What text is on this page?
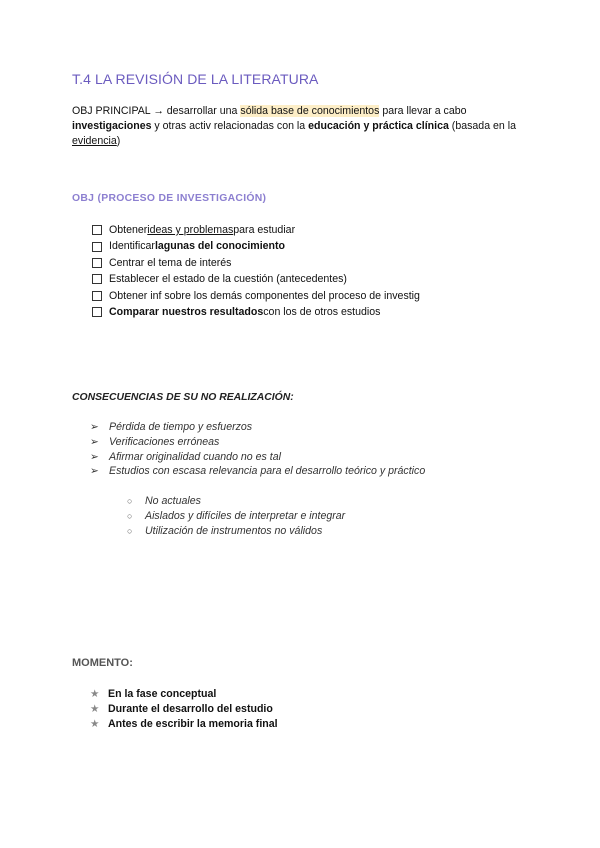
T.4 LA REVISIÓN DE LA LITERATURA
OBJ PRINCIPAL → desarrollar una sólida base de conocimientos para llevar a cabo investigaciones y otras activ relacionadas con la educación y práctica clínica (basada en la evidencia)
OBJ (PROCESO DE INVESTIGACIÓN)
Obtener ideas y problemas para estudiar
Identificar lagunas del conocimiento
Centrar el tema de interés
Establecer el estado de la cuestión (antecedentes)
Obtener inf sobre los demás componentes del proceso de investig
Comparar nuestros resultados con los de otros estudios
CONSECUENCIAS DE SU NO REALIZACIÓN:
➢ Pérdida de tiempo y esfuerzos
➢ Verificaciones erróneas
➢ Afirmar originalidad cuando no es tal
➢ Estudios con escasa relevancia para el desarrollo teórico y práctico
○	No actuales
○	Aislados y difíciles de interpretar e integrar
○	Utilización de instrumentos no válidos
MOMENTO:
★ En la fase conceptual
★ Durante el desarrollo del estudio
★ Antes de escribir la memoria final
